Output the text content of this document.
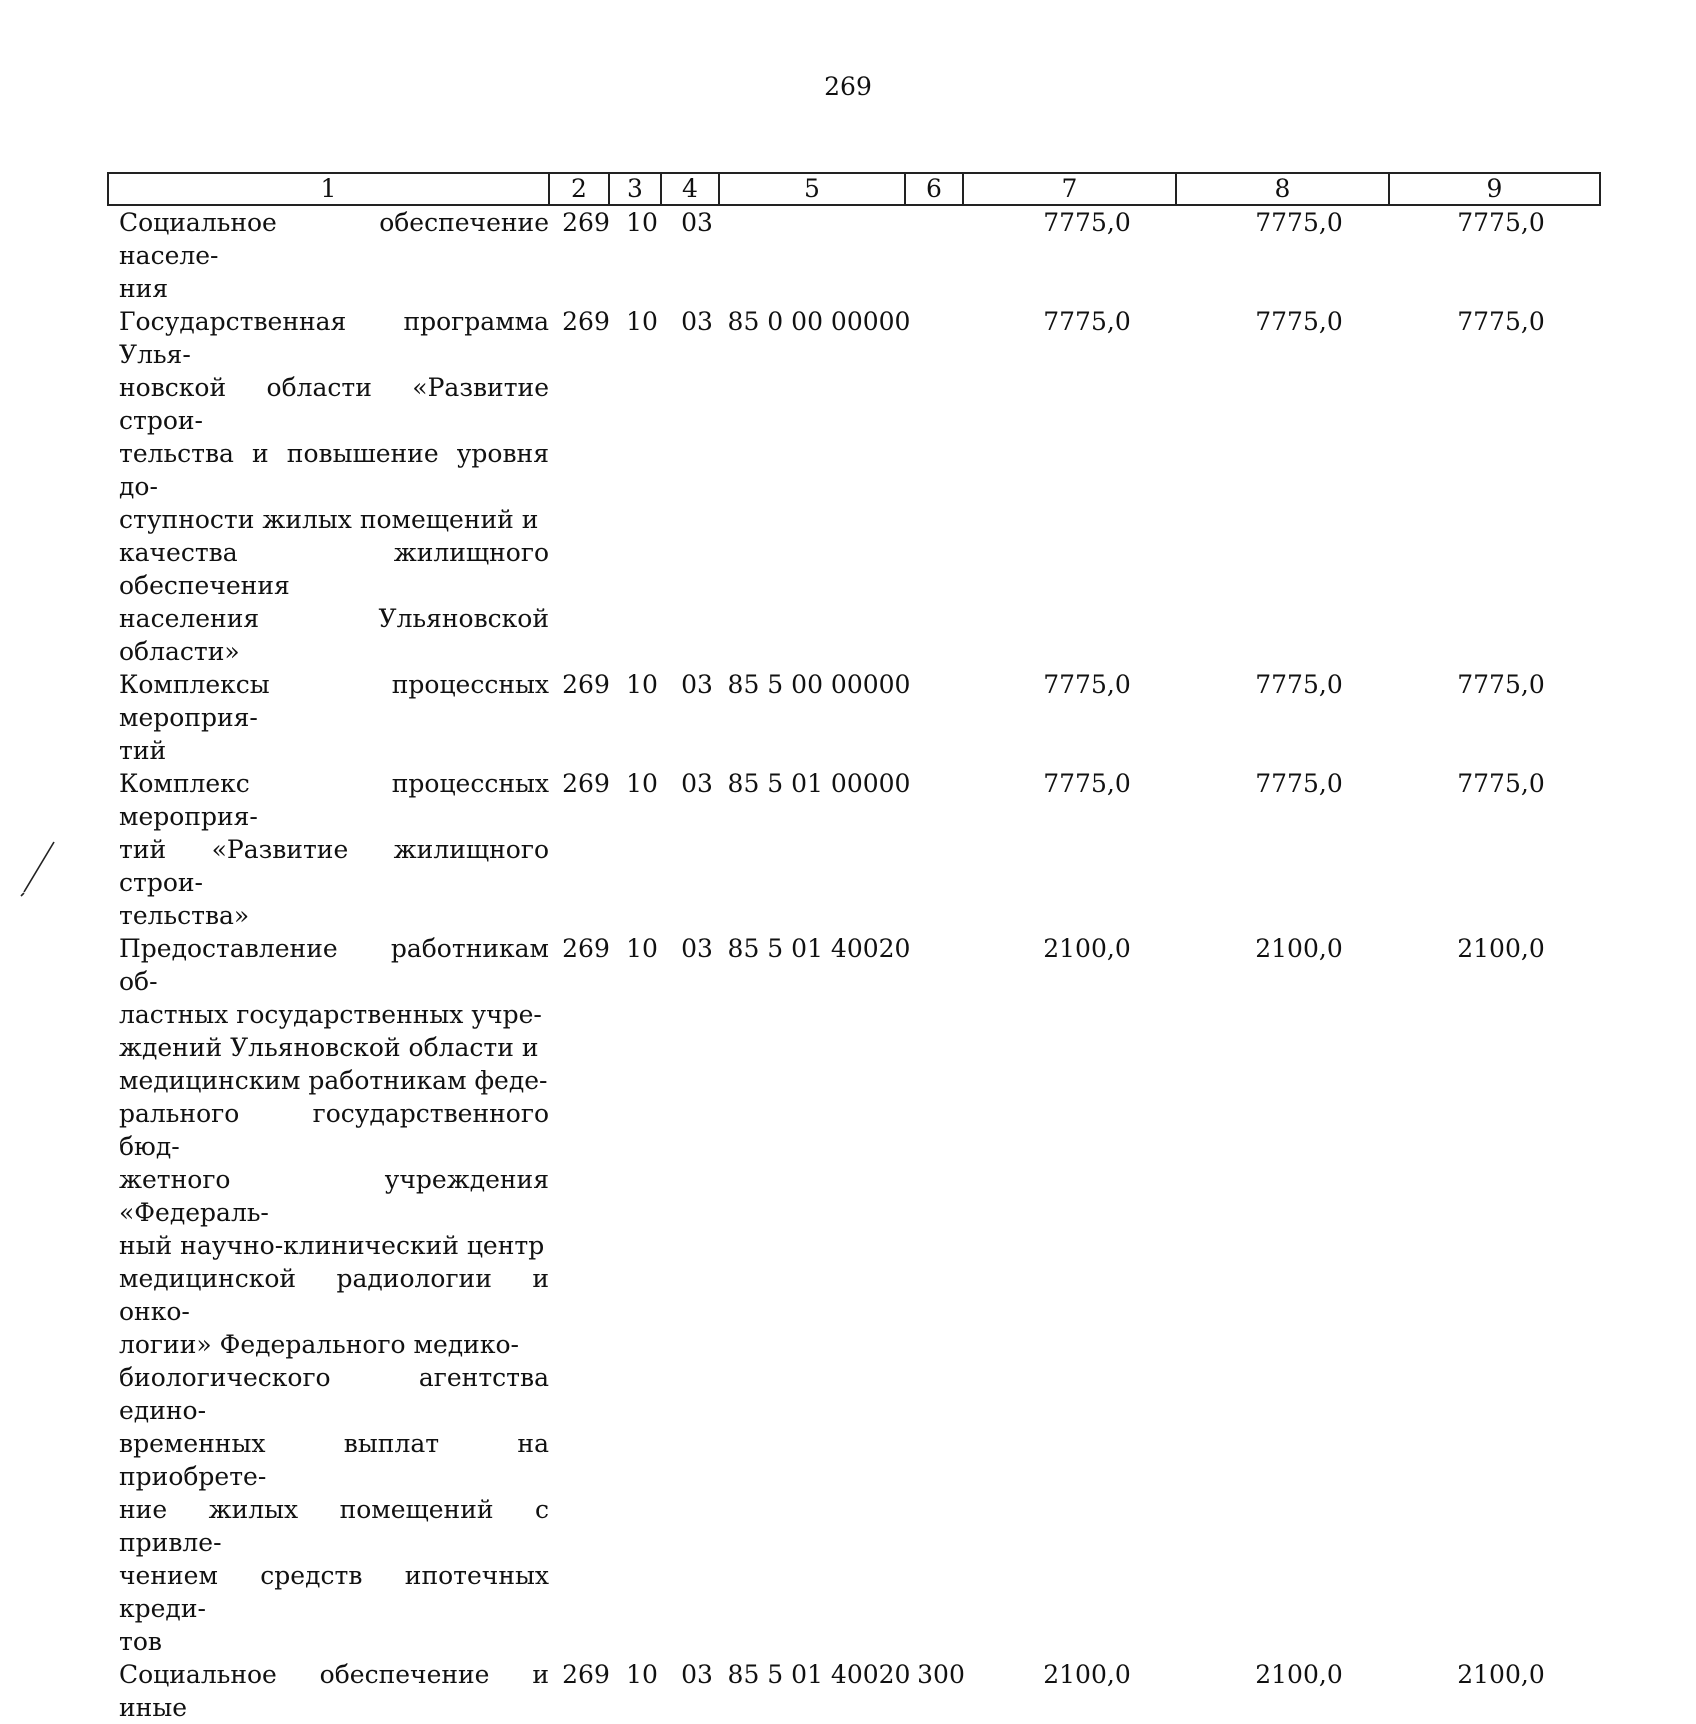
269
1	2	3	4	5	6	7	8	9
Социальное обеспечение населе-
ния
269 10 03	7775,0	7775,0	7775,0
Государственная программа Улья-
новской области «Развитие строи-
тельства и повышение уровня до-
ступности жилых помещений и
качества жилищного обеспечения
населения Ульяновской области»
269 10 03 85 0 00 00000	7775,0	7775,0	7775,0
Комплексы процессных мероприя-
тий
269 10 03 85 5 00 00000	7775,0	7775,0	7775,0
Комплекс процессных мероприя-
тий «Развитие жилищного строи-
тельства»
269 10 03 85 5 01 00000	7775,0	7775,0	7775,0
Предоставление работникам об-
ластных государственных учре-
ждений Ульяновской области и
медицинским работникам феде-
рального государственного бюд-
жетного учреждения «Федераль-
ный научно-клинический центр
медицинской радиологии и онко-
логии» Федерального медико-
биологического агентства едино-
временных выплат на приобрете-
ние жилых помещений с привле-
чением средств ипотечных креди-
тов
269 10 03 85 5 01 40020	2100,0	2100,0	2100,0
Социальное обеспечение и иные
269 10 03 85 5 01 40020 300	2100,0	2100,0	2100,0
